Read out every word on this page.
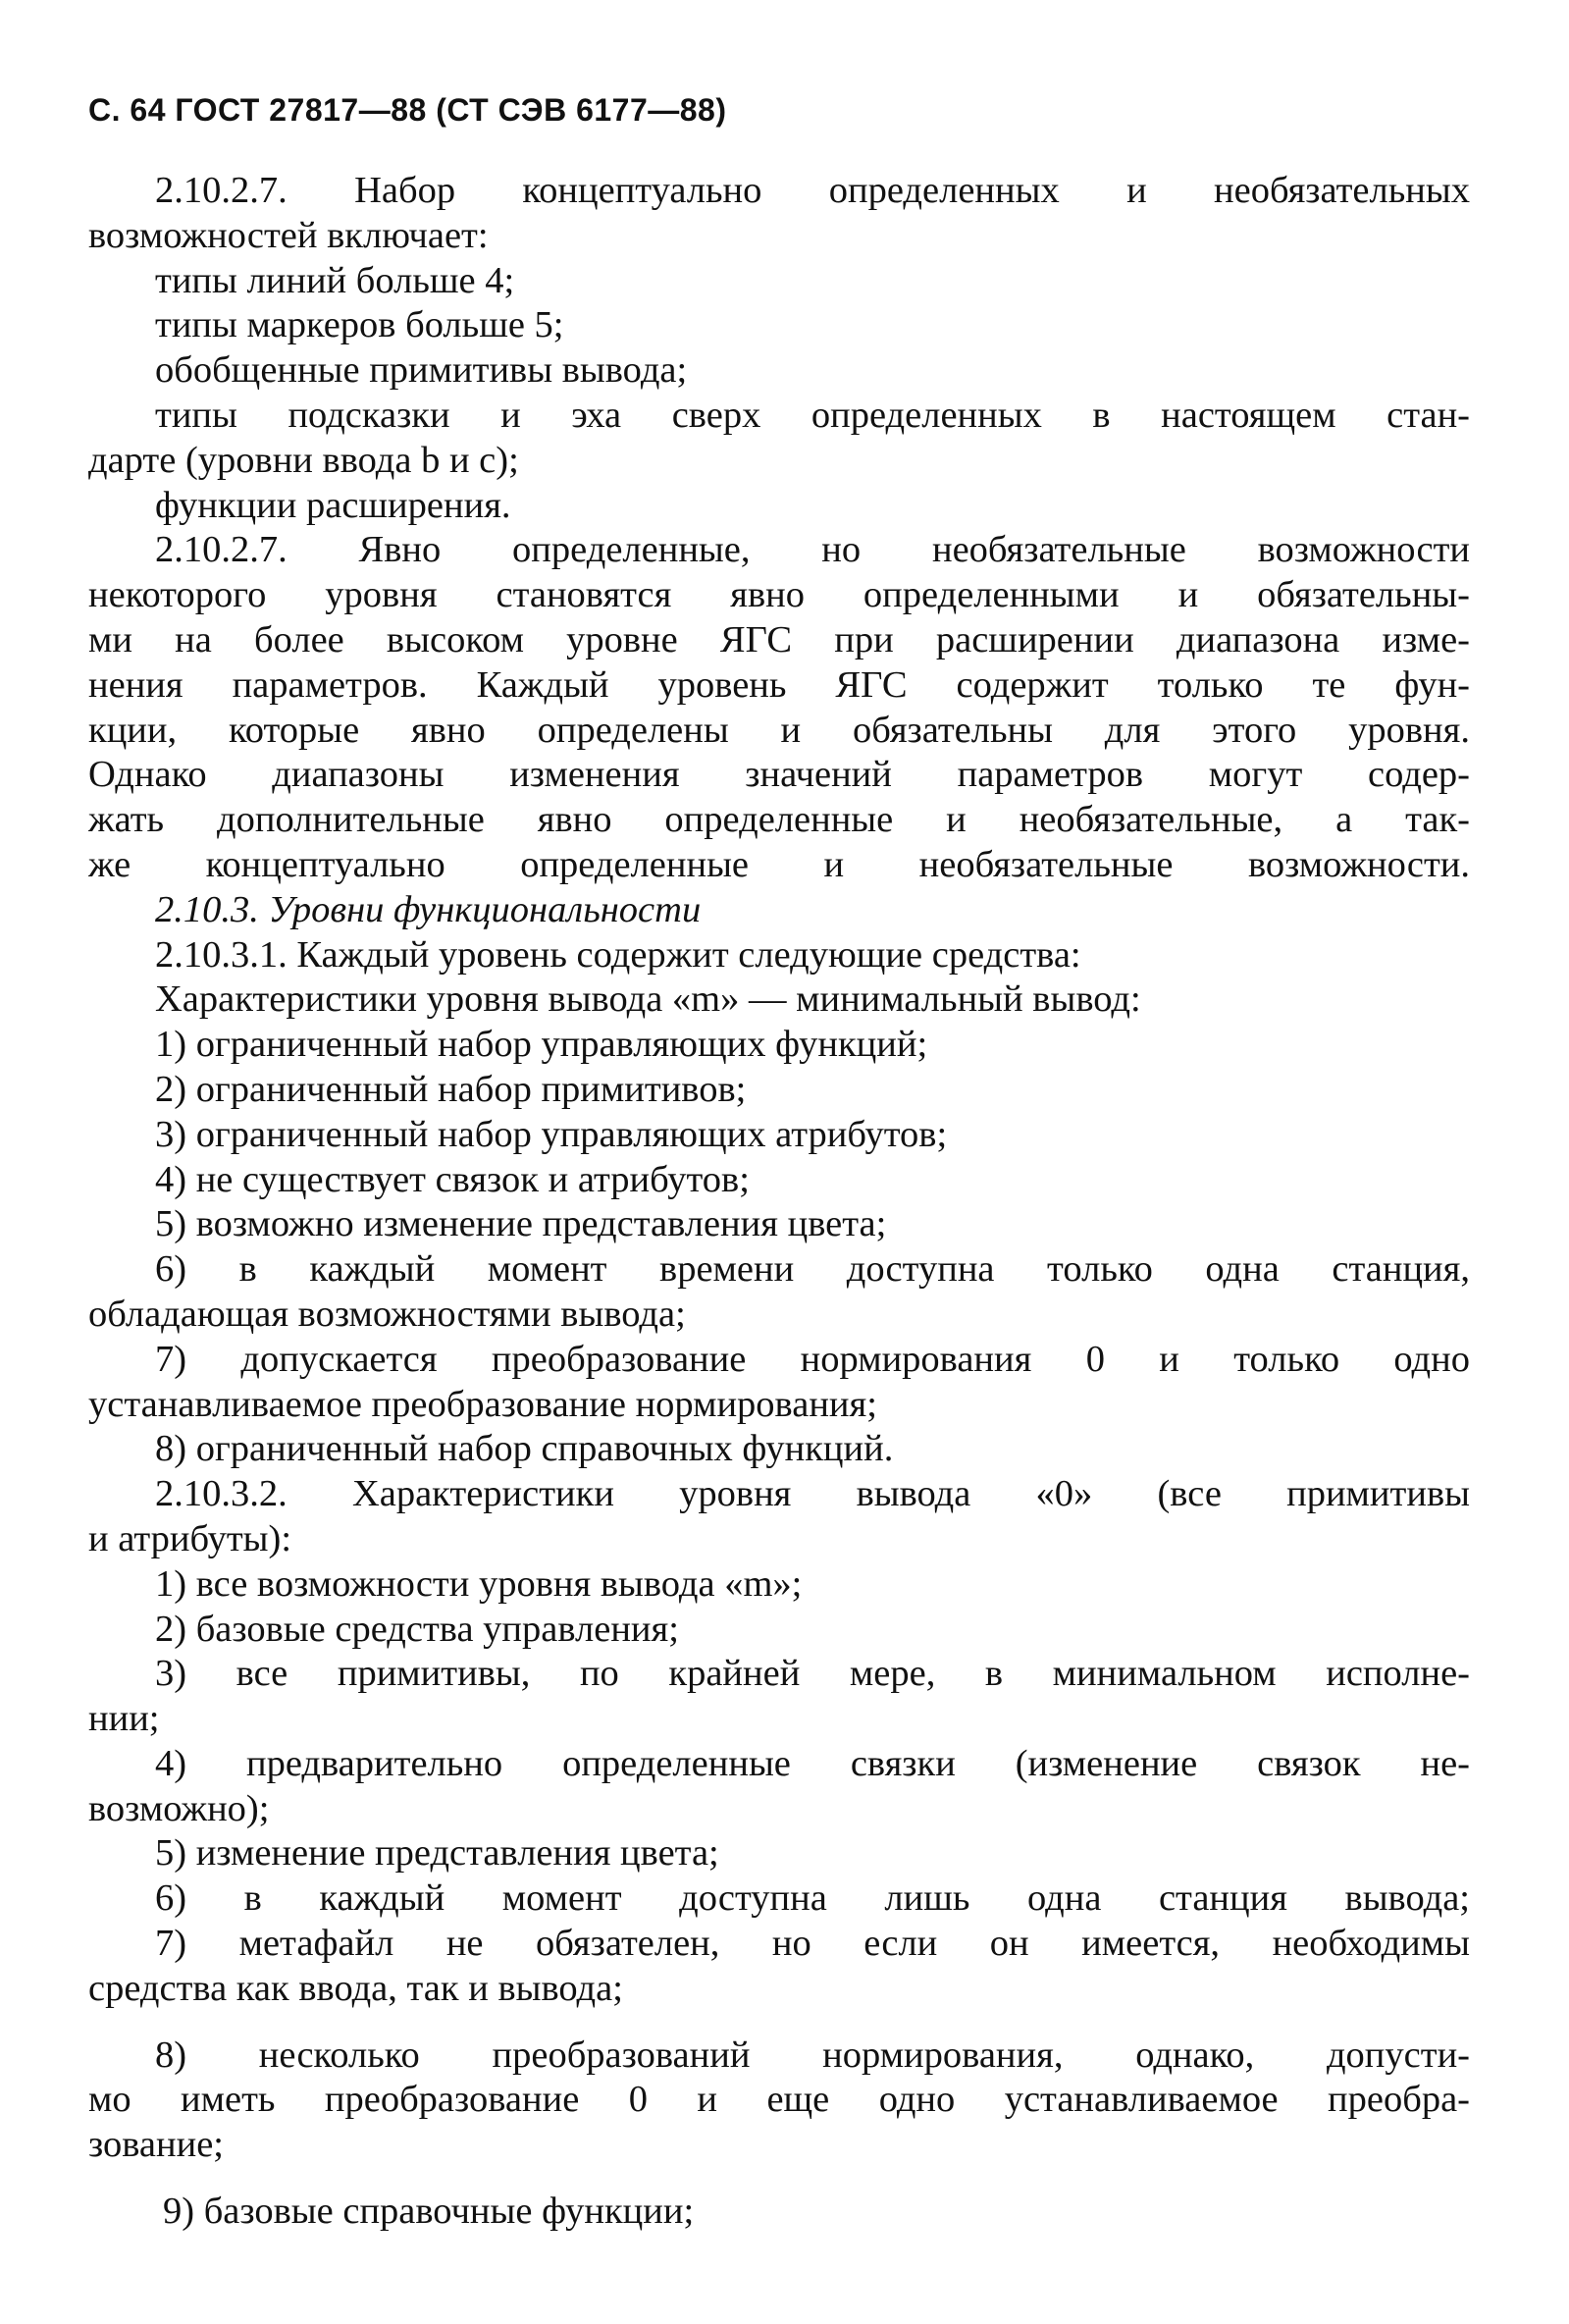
С. 64 ГОСТ 27817—88 (СТ СЭВ 6177—88)
2.10.2.7. Набор концептуально определенных и необязательных
возможностей включает:
типы линий больше 4;
типы маркеров больше 5;
обобщенные примитивы вывода;
типы подсказки и эха сверх определенных в настоящем стан-
дарте (уровни ввода b и с);
функции расширения.
2.10.2.7. Явно определенные, но необязательные возможности
некоторого уровня становятся явно определенными и обязательны-
ми на более высоком уровне ЯГС при расширении диапазона изме-
нения параметров. Каждый уровень ЯГС содержит только те фун-
кции, которые явно определены и обязательны для этого уровня.
Однако диапазоны изменения значений параметров могут содер-
жать дополнительные явно определенные и необязательные, а так-
же концептуально определенные и необязательные возможности.
2.10.3. Уровни функциональности
2.10.3.1. Каждый уровень содержит следующие средства:
Характеристики уровня вывода «m» — минимальный вывод:
1) ограниченный набор управляющих функций;
2) ограниченный набор примитивов;
3) ограниченный набор управляющих атрибутов;
4) не существует связок и атрибутов;
5) возможно изменение представления цвета;
6) в каждый момент времени доступна только одна станция,
обладающая возможностями вывода;
7) допускается преобразование нормирования 0 и только одно
устанавливаемое преобразование нормирования;
8) ограниченный набор справочных функций.
2.10.3.2. Характеристики уровня вывода «0» (все примитивы
и атрибуты):
1) все возможности уровня вывода «m»;
2) базовые средства управления;
3) все примитивы, по крайней мере, в минимальном исполне-
нии;
4) предварительно определенные связки (изменение связок не-
возможно);
5) изменение представления цвета;
6) в каждый момент доступна лишь одна станция вывода;
7) метафайл не обязателен, но если он имеется, необходимы
средства как ввода, так и вывода;
8) несколько преобразований нормирования, однако, допусти-
мо иметь преобразование 0 и еще одно устанавливаемое преобра-
зование;
9) базовые справочные функции;
